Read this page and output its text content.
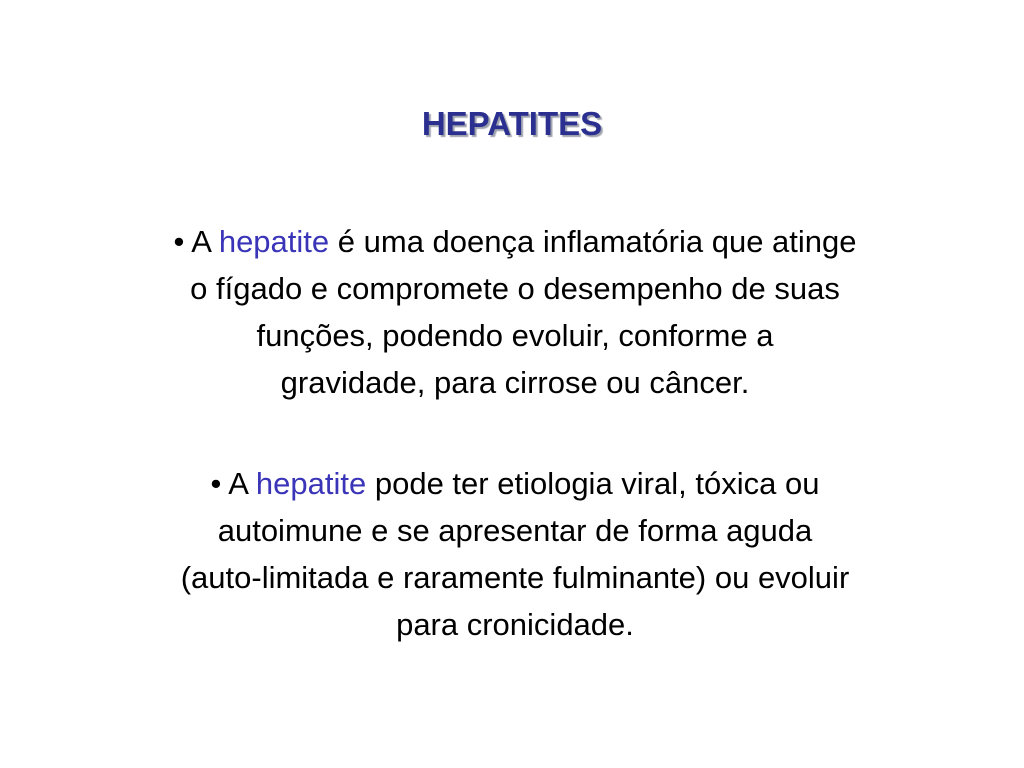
HEPATITES
• A hepatite é uma doença inflamatória que atinge
o fígado e compromete o desempenho de suas
funções, podendo evoluir, conforme a
gravidade, para cirrose ou câncer.
• A hepatite pode ter etiologia viral, tóxica ou
autoimune e se apresentar de forma aguda
(auto-limitada e raramente fulminante) ou evoluir
para cronicidade.
